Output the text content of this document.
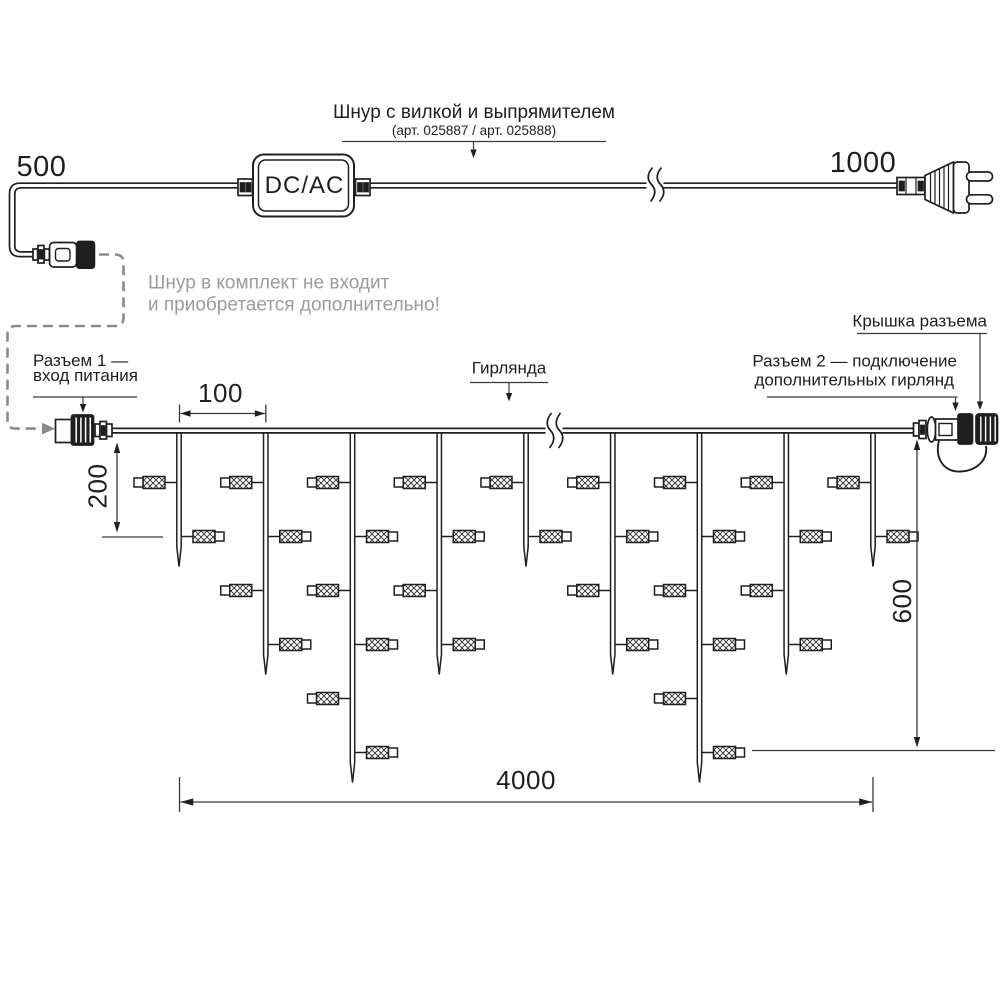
500	1000
Шнур с вилкой и выпрямителем
(арт. 025887 / арт. 025888)
DC/AC
Шнур в комплект не входит
и приобретается дополнительно!
Разъем 1 —
вход питания	Гирлянда
Крышка разъема
Разъем 2 — подключение
дополнительных гирлянд
100
200
600
4000
